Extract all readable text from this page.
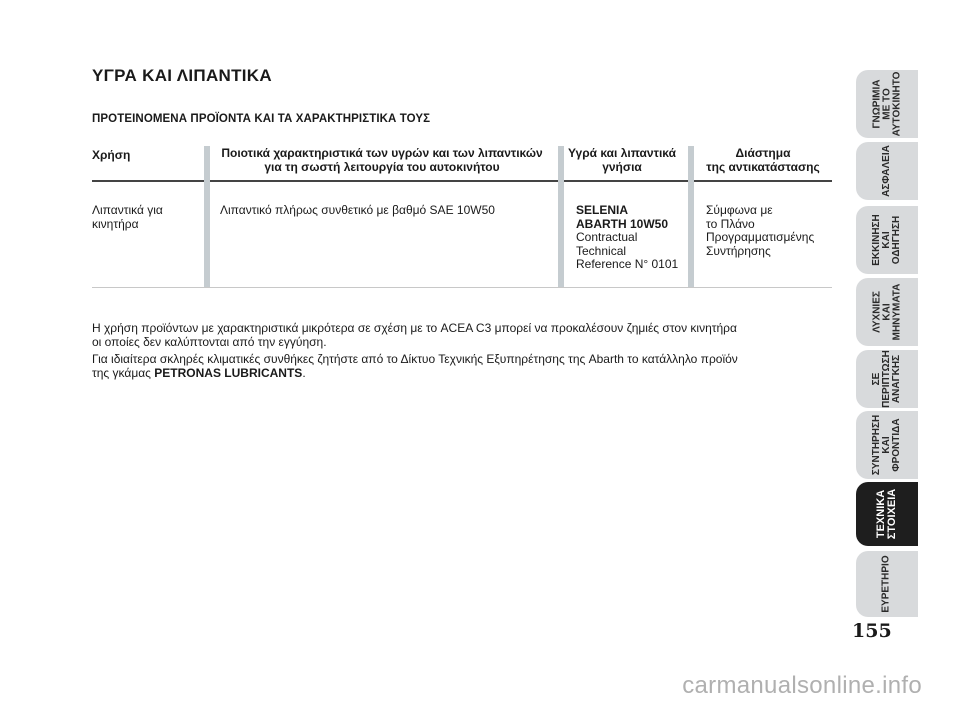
ΥΓΡΑ ΚΑΙ ΛΙΠΑΝΤΙΚΑ
ΠΡΟΤΕΙΝΟΜΕΝΑ ΠΡΟΪΟΝΤΑ ΚΑΙ ΤΑ ΧΑΡΑΚΤΗΡΙΣΤΙΚΑ ΤΟΥΣ
Χρήση	Ποιοτικά χαρακτηριστικά των υγρών και των λιπαντικών
για τη σωστή λειτουργία του αυτοκινήτου
Υγρά και λιπαντικά
γνήσια
Διάστημα
της αντικατάστασης
Λιπαντικά για
κινητήρα
Λιπαντικό πλήρως συνθετικό με βαθμό SAE 10W50	SELENIA
ABARTH 10W50
Contractual
Technical
Reference N° 0101
Σύμφωνα με
το Πλάνο
Προγραμματισμένης
Συντήρησης
Η χρήση προϊόντων με χαρακτηριστικά μικρότερα σε σχέση με το ACEA C3 μπορεί να προκαλέσουν ζημιές στον κινητήρα
οι οποίες δεν καλύπτονται από την εγγύηση.
Για ιδιαίτερα σκληρές κλιματικές συνθήκες ζητήστε από το Δίκτυο Τεχνικής Εξυπηρέτησης της Abarth το κατάλληλο προϊόν
της γκάμας PETRONAS LUBRICANTS.
ΓΝΩΡΙΜΙΑ
ΜΕ ΤΟ
ΑΥΤΟΚΙΝΗΤΟ
ΑΣΦΑΛΕΙΑ
ΕΚΚΙΝΗΣΗ
ΚΑΙ
ΟΔΗΓΗΣΗ
ΛΥΧΝΙΕΣ
ΚΑΙ
ΜΗΝΥΜΑΤΑ
ΣΕ
ΠΕΡΙΠΤΩΣΗ
ΑΝΑΓΚΗΣ
ΣΥΝΤΗΡΗΣΗ
ΚΑΙ
ΦΡΟΝΤΙΔΑ
ΤΕΧΝΙΚΑ
ΣΤΟΙΧΕΙΑ
ΕΥΡΕΤΗΡΙΟ
155
carmanualsonline.info
